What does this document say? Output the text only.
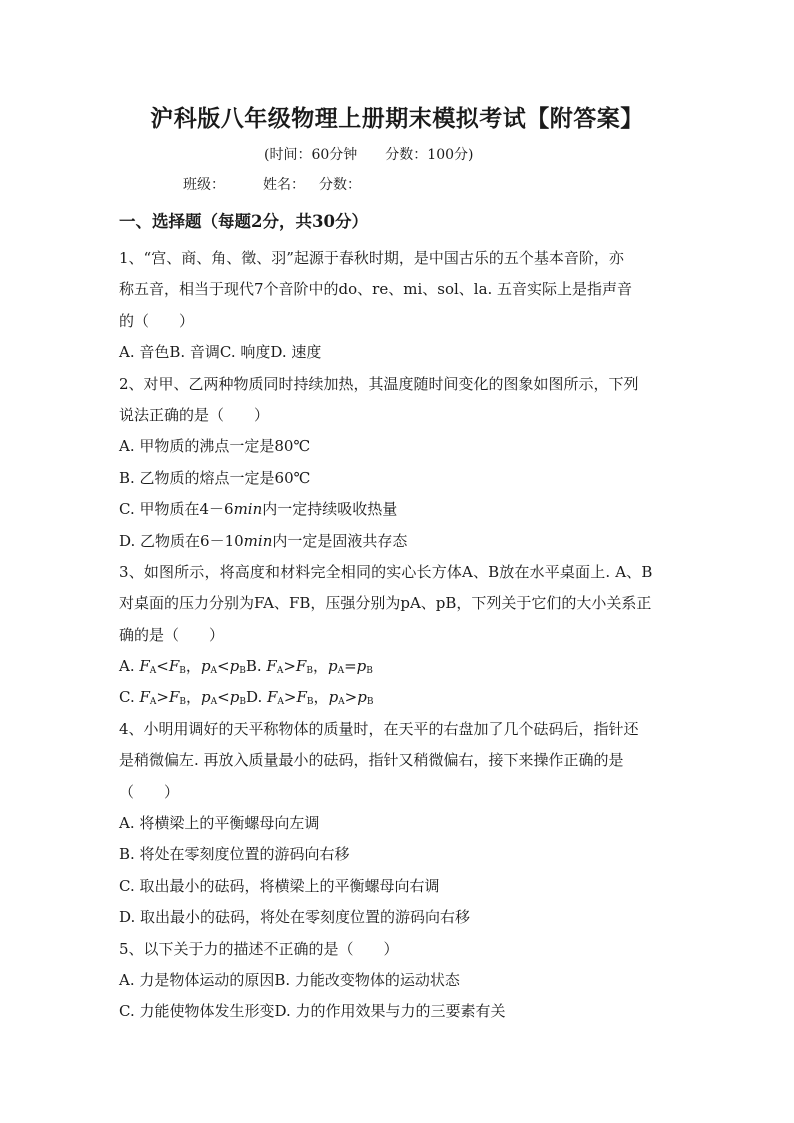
沪科版八年级物理上册期末模拟考试【附答案】
(时间：60分钟 分数：100分)
班级：	姓名： 分数：
一、选择题（每题2分，共30分）
1、“宫、商、角、徵、羽”起源于春秋时期，是中国古乐的五个基本音阶，亦
称五音，相当于现代7个音阶中的do、re、mi、sol、la. 五音实际上是指声音
的（　　）
A. 音色B. 音调C. 响度D. 速度
2、对甲、乙两种物质同时持续加热，其温度随时间变化的图象如图所示，下列
说法正确的是（　　）
A. 甲物质的沸点一定是80℃
B. 乙物质的熔点一定是60℃
C. 甲物质在4－6min内一定持续吸收热量
D. 乙物质在6－10min内一定是固液共存态
3、如图所示，将高度和材料完全相同的实心长方体A、B放在水平桌面上. A、B
对桌面的压力分别为FA、FB，压强分别为pA、pB，下列关于它们的大小关系正
确的是（　　）
A. $F_A<F_B$，$p_A<p_BB$. $F_A>F_B$，$p_A=p_B$
C. $F_A>F_B$，$p_A<p_BD$. $F_A>F_B$，$p_A>p_B$
4、小明用调好的天平称物体的质量时，在天平的右盘加了几个砝码后，指针还
是稍微偏左. 再放入质量最小的砝码，指针又稍微偏右，接下来操作正确的是
（　　）
A. 将横梁上的平衡螺母向左调
B. 将处在零刻度位置的游码向右移
C. 取出最小的砝码，将横梁上的平衡螺母向右调
D. 取出最小的砝码，将处在零刻度位置的游码向右移
5、以下关于力的描述不正确的是（　　）
A. 力是物体运动的原因B. 力能改变物体的运动状态
C. 力能使物体发生形变D. 力的作用效果与力的三要素有关
